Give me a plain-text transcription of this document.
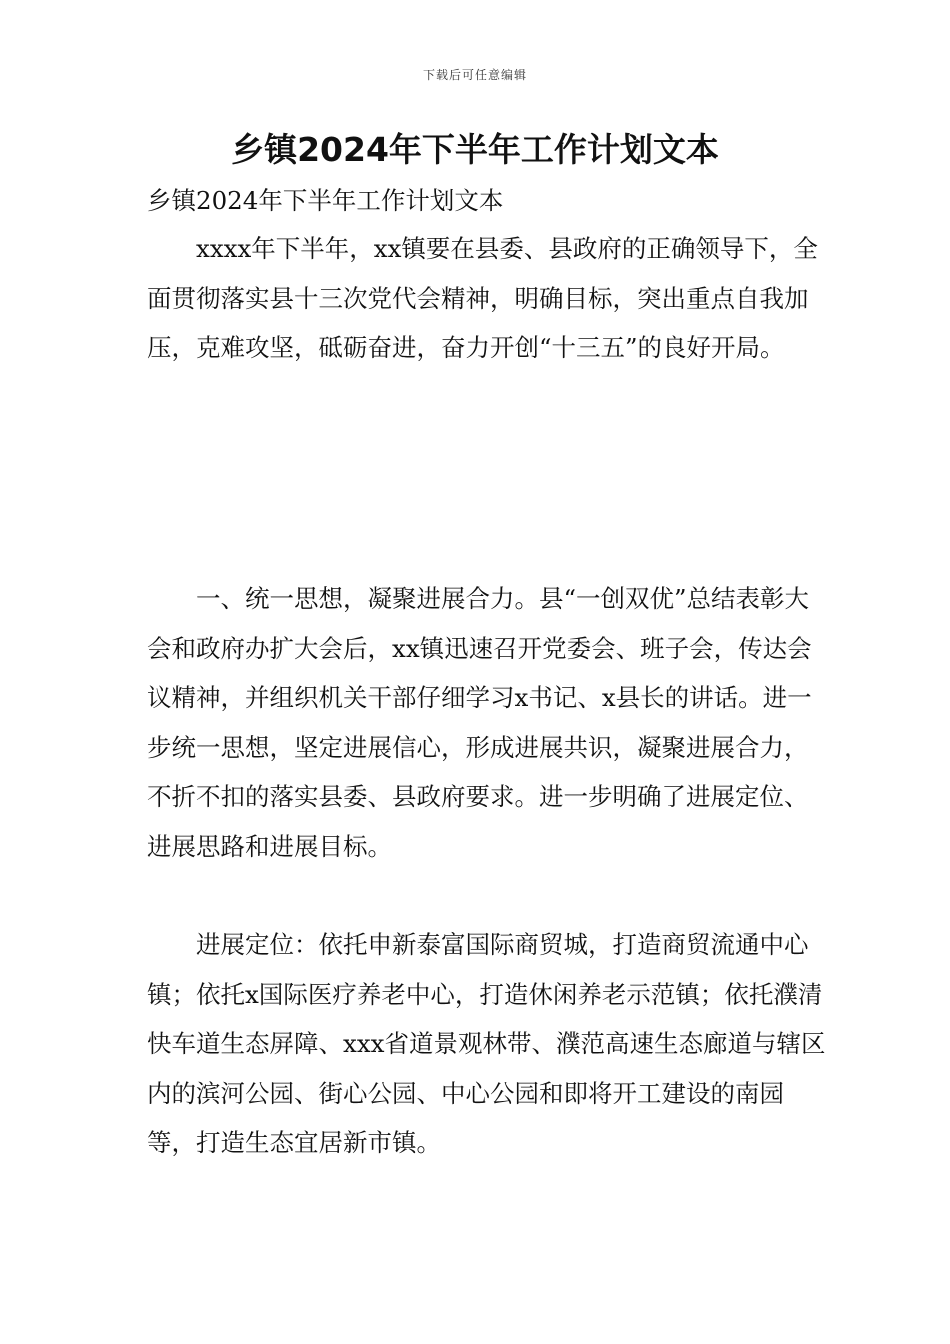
下载后可任意编辑
乡镇2024年下半年工作计划文本

乡镇2024年下半年工作计划文本

xxxx年下半年，xx镇要在县委、县政府的正确领导下，全面贯彻落实县十三次党代会精神，明确目标，突出重点自我加压，克难攻坚，砥砺奋进，奋力开创“十三五”的良好开局。

一、统一思想，凝聚进展合力。县“一创双优”总结表彰大会和政府办扩大会后，xx镇迅速召开党委会、班子会，传达会议精神，并组织机关干部仔细学习x书记、x县长的讲话。进一步统一思想，坚定进展信心，形成进展共识，凝聚进展合力，不折不扣的落实县委、县政府要求。进一步明确了进展定位、进展思路和进展目标。

进展定位：依托申新泰富国际商贸城，打造商贸流通中心镇；依托x国际医疗养老中心，打造休闲养老示范镇；依托濮清快车道生态屏障、xxx省道景观林带、濮范高速生态廊道与辖区内的滨河公园、街心公园、中心公园和即将开工建设的南园等，打造生态宜居新市镇。
